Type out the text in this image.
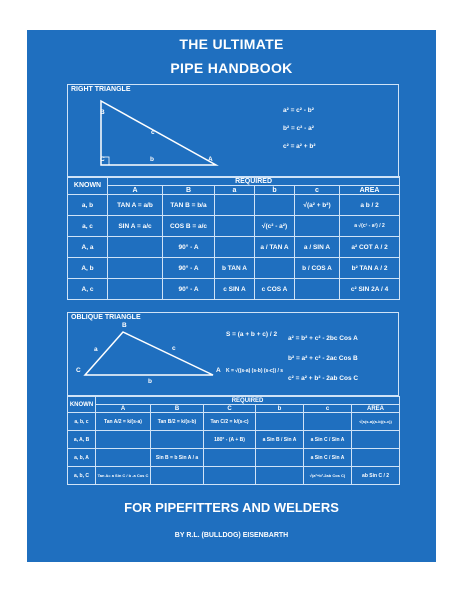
THE ULTIMATE
PIPE HANDBOOK
RIGHT TRIANGLE
B
C	A
b
c
a² = c² - b²
b² = c² - a²
c² = a² + b²
KNOWN	REQUIRED					
	A	B	a	b	c	AREA
a, b	TAN A = a/b	TAN B = b/a			√(a² + b²)	a b / 2
a, c	SIN A = a/c	COS B = a/c		√(c² - a²)		a √(c² - a²) / 2
A, a		90° - A		a / TAN A	a / SIN A	a² COT A / 2
A, b		90° - A	b TAN A		b / COS A	b² TAN A / 2
A, c		90° - A	c SIN A	c COS A		c² SIN 2A / 4
OBLIQUE TRIANGLE
B
C	A
a	c
b
S = (a + b + c) / 2
K = √((s-a) (s-b) (s-c)) / s
a² = b² + c² - 2bc Cos A
b² = a² + c² - 2ac Cos B
c² = a² + b² - 2ab Cos C
KNOWN	REQUIRED					
	A	B	C	b	c	AREA
a, b, c	Tan A/2 = k/(s-a)	Tan B/2 = k/(s-b)	Tan C/2 = k/(s-c)			√(s(s-a)(s-b)(s-c))
a, A, B			180° - (A + B)	a Sin B / Sin A	a Sin C / Sin A	
a, b, A		Sin B = b Sin A / a			a Sin C / Sin A	
a, b, C	Tan A= a Sin C / b -a Cos C				√(a²+b²-2ab Cos C)	ab Sin C / 2
FOR PIPEFITTERS AND WELDERS
BY R.L. (BULLDOG) EISENBARTH
